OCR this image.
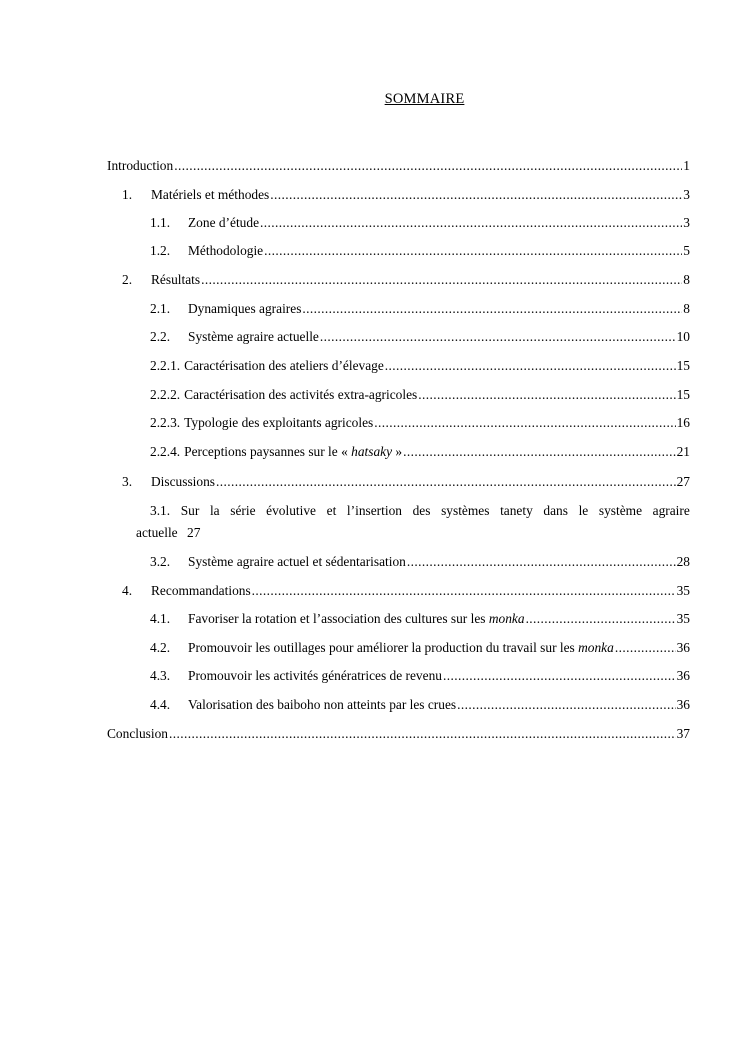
SOMMAIRE
Introduction .....	1
1.	Matériels et méthodes .....	3
1.1.	Zone d’étude .....	3
1.2.	Méthodologie .....	5
2.	Résultats .....	8
2.1.	Dynamiques agraires .....	8
2.2.	Système agraire actuelle .....	10
2.2.1. Caractérisation des ateliers d’élevage .....	15
2.2.2. Caractérisation des activités extra-agricoles .....	15
2.2.3. Typologie des exploitants agricoles .....	16
2.2.4. Perceptions paysannes sur le « hatsaky » .....	21
3.	Discussions .....	27
3.1. Sur la série évolutive et l’insertion des systèmes tanety dans le système agraire
actuelle 27
3.2.	Système agraire actuel et sédentarisation .....	28
4.	Recommandations .....	35
4.1.	Favoriser la rotation et l’association des cultures sur les monka .....	35
4.2.	Promouvoir les outillages pour améliorer la production du travail sur les monka .....	36
4.3.	Promouvoir les activités génératrices de revenu .....	36
4.4.	Valorisation des baiboho non atteints par les crues .....	36
Conclusion .....	37
